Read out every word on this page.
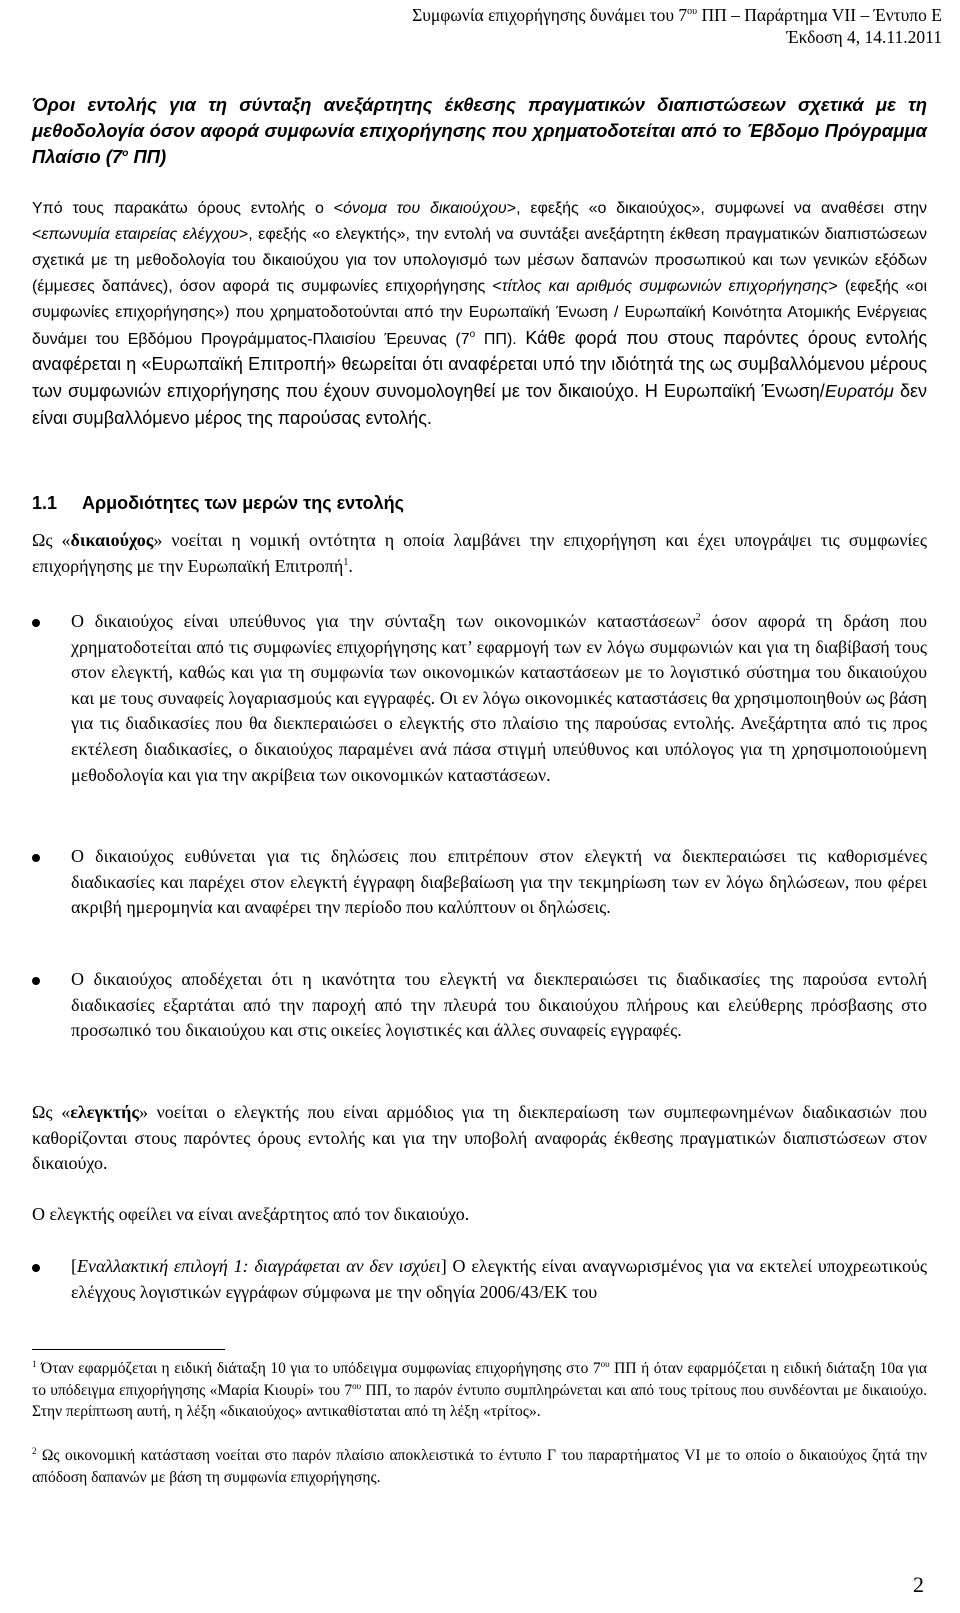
Συμφωνία επιχορήγησης δυνάμει του $7^{o\upsilon}$ ΠΠ – Παράρτημα VII – Έντυπο Ε
Έκδοση 4, 14.11.2011
Όροι εντολής για τη σύνταξη ανεξάρτητης έκθεσης πραγματικών διαπιστώσεων σχετικά με τη μεθοδολογία όσον αφορά συμφωνία επιχορήγησης που χρηματοδοτείται από το Έβδομο Πρόγραμμα Πλαίσιο ($7^o$ ΠΠ)
Υπό τους παρακάτω όρους εντολής ο <όνομα του δικαιούχου>, εφεξής «ο δικαιούχος», συμφωνεί να αναθέσει στην <επωνυμία εταιρείας ελέγχου>, εφεξής «ο ελεγκτής», την εντολή να συντάξει ανεξάρτητη έκθεση πραγματικών διαπιστώσεων σχετικά με τη μεθοδολογία του δικαιούχου για τον υπολογισμό των μέσων δαπανών προσωπικού και των γενικών εξόδων (έμμεσες δαπάνες), όσον αφορά τις συμφωνίες επιχορήγησης <τίτλος και αριθμός συμφωνιών επιχορήγησης> (εφεξής «οι συμφωνίες επιχορήγησης») που χρηματοδοτούνται από την Ευρωπαϊκή Ένωση / Ευρωπαϊκή Κοινότητα Ατομικής Ενέργειας δυνάμει του Εβδόμου Προγράμματος-Πλαισίου Έρευνας ($7^o$ ΠΠ). Κάθε φορά που στους παρόντες όρους εντολής αναφέρεται η «Ευρωπαϊκή Επιτροπή» θεωρείται ότι αναφέρεται υπό την ιδιότητά της ως συμβαλλόμενου μέρους των συμφωνιών επιχορήγησης που έχουν συνομολογηθεί με τον δικαιούχο. Η Ευρωπαϊκή Ένωση/Ευρατόμ δεν είναι συμβαλλόμενο μέρος της παρούσας εντολής.
1.1 Αρμοδιότητες των μερών της εντολής
Ως «δικαιούχος» νοείται η νομική οντότητα η οποία λαμβάνει την επιχορήγηση και έχει υπογράψει τις συμφωνίες επιχορήγησης με την Ευρωπαϊκή Επιτροπή$^1$.
Ο δικαιούχος είναι υπεύθυνος για την σύνταξη των οικονομικών καταστάσεων$^2$ όσον αφορά τη δράση που χρηματοδοτείται από τις συμφωνίες επιχορήγησης κατ’ εφαρμογή των εν λόγω συμφωνιών και για τη διαβίβασή τους στον ελεγκτή, καθώς και για τη συμφωνία των οικονομικών καταστάσεων με το λογιστικό σύστημα του δικαιούχου και με τους συναφείς λογαριασμούς και εγγραφές. Οι εν λόγω οικονομικές καταστάσεις θα χρησιμοποιηθούν ως βάση για τις διαδικασίες που θα διεκπεραιώσει ο ελεγκτής στο πλαίσιο της παρούσας εντολής. Ανεξάρτητα από τις προς εκτέλεση διαδικασίες, ο δικαιούχος παραμένει ανά πάσα στιγμή υπεύθυνος και υπόλογος για τη χρησιμοποιούμενη μεθοδολογία και για την ακρίβεια των οικονομικών καταστάσεων.
Ο δικαιούχος ευθύνεται για τις δηλώσεις που επιτρέπουν στον ελεγκτή να διεκπεραιώσει τις καθορισμένες διαδικασίες και παρέχει στον ελεγκτή έγγραφη διαβεβαίωση για την τεκμηρίωση των εν λόγω δηλώσεων, που φέρει ακριβή ημερομηνία και αναφέρει την περίοδο που καλύπτουν οι δηλώσεις.
Ο δικαιούχος αποδέχεται ότι η ικανότητα του ελεγκτή να διεκπεραιώσει τις διαδικασίες της παρούσα εντολή διαδικασίες εξαρτάται από την παροχή από την πλευρά του δικαιούχου πλήρους και ελεύθερης πρόσβασης στο προσωπικό του δικαιούχου και στις οικείες λογιστικές και άλλες συναφείς εγγραφές.
Ως «ελεγκτής» νοείται ο ελεγκτής που είναι αρμόδιος για τη διεκπεραίωση των συμπεφωνημένων διαδικασιών που καθορίζονται στους παρόντες όρους εντολής και για την υποβολή αναφοράς έκθεσης πραγματικών διαπιστώσεων στον δικαιούχο.
Ο ελεγκτής οφείλει να είναι ανεξάρτητος από τον δικαιούχο.
[Εναλλακτική επιλογή 1: διαγράφεται αν δεν ισχύει] Ο ελεγκτής είναι αναγνωρισμένος για να εκτελεί υποχρεωτικούς ελέγχους λογιστικών εγγράφων σύμφωνα με την οδηγία 2006/43/ΕΚ του
$^1$ Όταν εφαρμόζεται η ειδική διάταξη 10 για το υπόδειγμα συμφωνίας επιχορήγησης στο $7^{o\upsilon}$ ΠΠ ή όταν εφαρμόζεται η ειδική διάταξη 10α για το υπόδειγμα επιχορήγησης «Μαρία Κιουρί» του $7^{o\upsilon}$ ΠΠ, το παρόν έντυπο συμπληρώνεται και από τους τρίτους που συνδέονται με δικαιούχο. Στην περίπτωση αυτή, η λέξη «δικαιούχος» αντικαθίσταται από τη λέξη «τρίτος».
$^2$ Ως οικονομική κατάσταση νοείται στο παρόν πλαίσιο αποκλειστικά το έντυπο Γ του παραρτήματος VI με το οποίο ο δικαιούχος ζητά την απόδοση δαπανών με βάση τη συμφωνία επιχορήγησης.
2
